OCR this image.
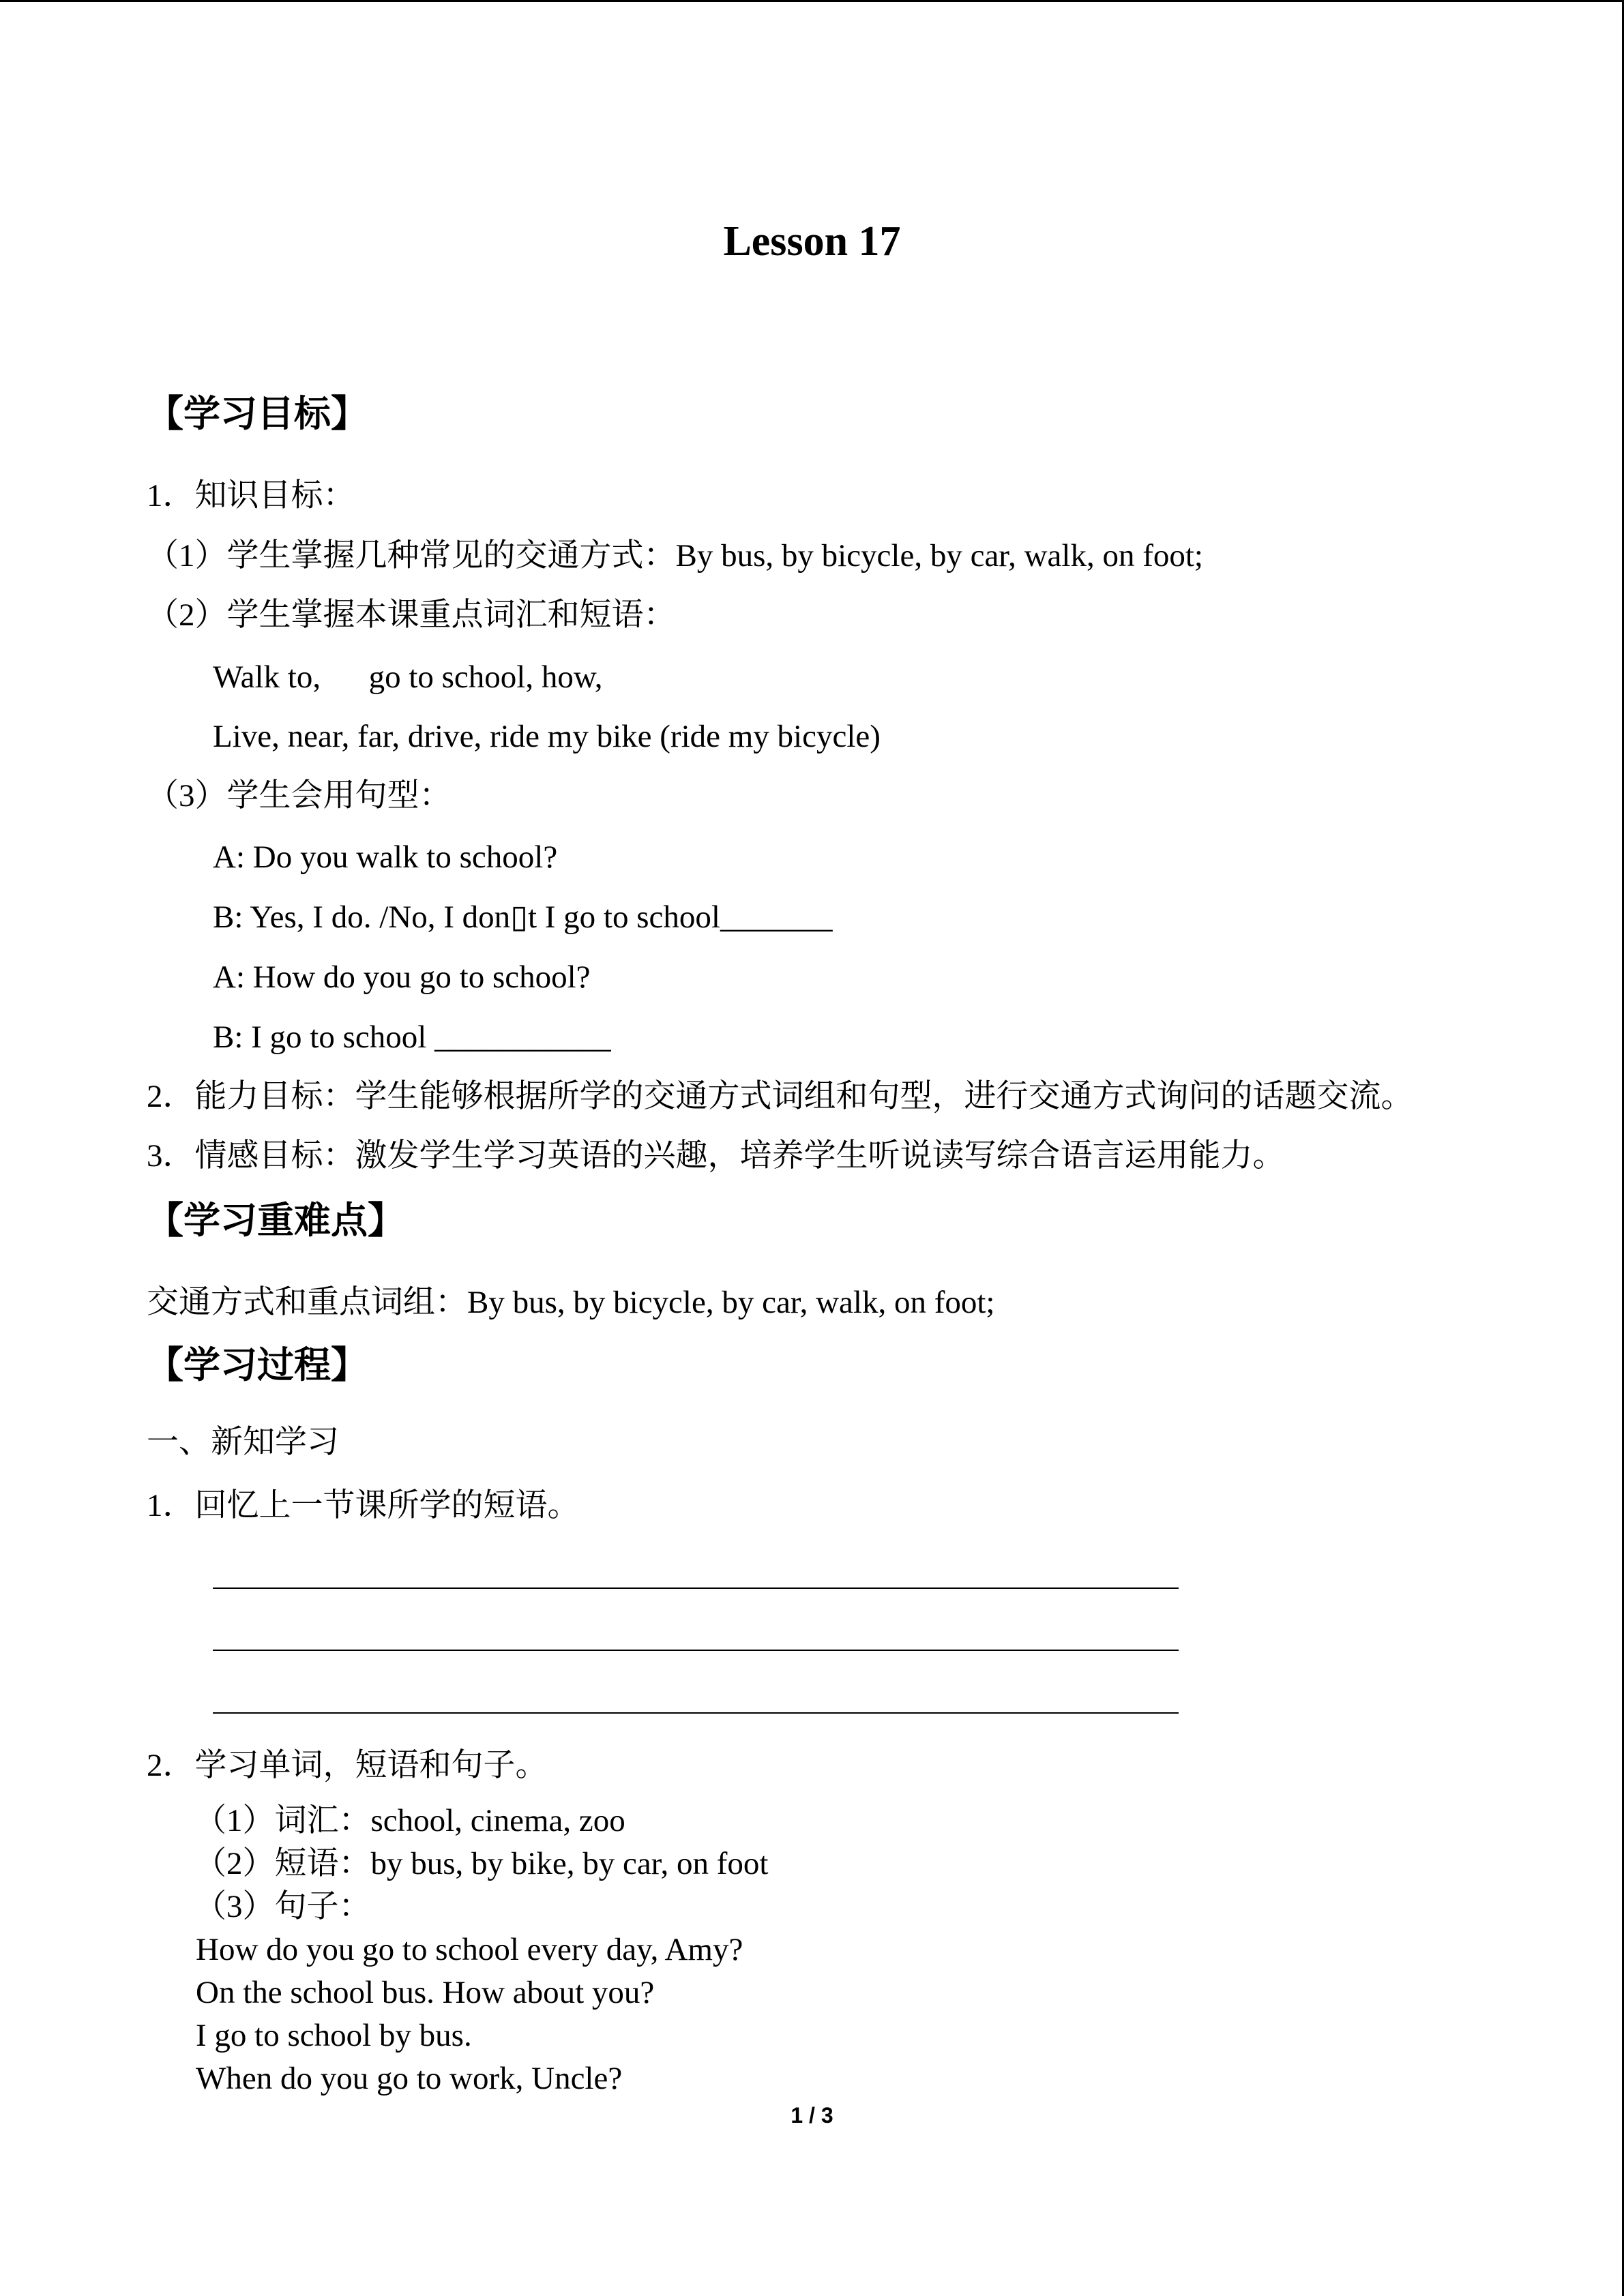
Lesson 17
【学习目标】
1．知识目标：
（1）学生掌握几种常见的交通方式：By bus, by bicycle, by car, walk, on foot;
（2）学生掌握本课重点词汇和短语：
Walk to,      go to school, how,
Live, near, far, drive, ride my bike (ride my bicycle)
（3）学生会用句型：
A: Do you walk to school?
B: Yes, I do. /No, I don▯t I go to school_______
A: How do you go to school?
B: I go to school ___________
2．能力目标：学生能够根据所学的交通方式词组和句型，进行交通方式询问的话题交流。
3．情感目标：激发学生学习英语的兴趣，培养学生听说读写综合语言运用能力。
【学习重难点】
交通方式和重点词组：By bus, by bicycle, by car, walk, on foot;
【学习过程】
一、新知学习
1．回忆上一节课所学的短语。
2．学习单词，短语和句子。
（1）词汇：school, cinema, zoo
（2）短语：by bus, by bike, by car, on foot
（3）句子：
How do you go to school every day, Amy?
On the school bus. How about you?
I go to school by bus.
When do you go to work, Uncle?
1 / 3
